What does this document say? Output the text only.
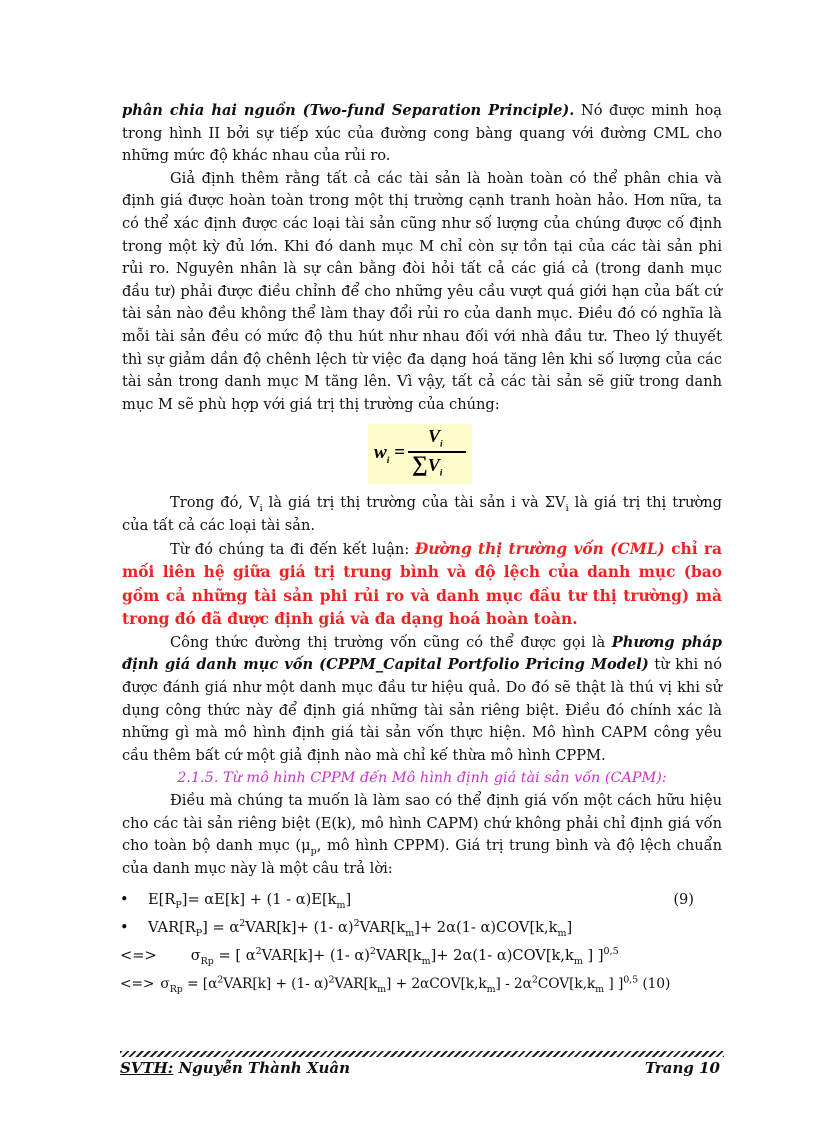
phân chia hai nguồn (Two-fund Separation Principle). Nó được minh hoạ trong hình II bởi sự tiếp xúc của đường cong bàng quang với đường CML cho những mức độ khác nhau của rủi ro.

Giả định thêm rằng tất cả các tài sản là hoàn toàn có thể phân chia và định giá được hoàn toàn trong một thị trường cạnh tranh hoàn hảo. Hơn nữa, ta có thể xác định được các loại tài sản cũng như số lượng của chúng được cố định trong một kỳ đủ lớn. Khi đó danh mục M chỉ còn sự tồn tại của các tài sản phi rủi ro. Nguyên nhân là sự cân bằng đòi hỏi tất cả các giá cả (trong danh mục đầu tư) phải được điều chỉnh để cho những yêu cầu vượt quá giới hạn của bất cứ tài sản nào đều không thể làm thay đổi rủi ro của danh mục. Điều đó có nghĩa là mỗi tài sản đều có mức độ thu hút như nhau đối với nhà đầu tư. Theo lý thuyết thì sự giảm dần độ chênh lệch từ việc đa dạng hoá tăng lên khi số lượng của các tài sản trong danh mục M tăng lên. Vì vậy, tất cả các tài sản sẽ giữ trong danh mục M sẽ phù hợp với giá trị thị trường của chúng:

$w_i$ =
$V_i$
$\sum V_i$

Trong đó, $V_i$ là giá trị thị trường của tài sản i và $\Sigma V_i$ là giá trị thị trường của tất cả các loại tài sản.

Từ đó chúng ta đi đến kết luận: Đường thị trường vốn (CML) chỉ ra mối liên hệ giữa giá trị trung bình và độ lệch của danh mục (bao gồm cả những tài sản phi rủi ro và danh mục đầu tư thị trường) mà trong đó đã được định giá và đa dạng hoá hoàn toàn.

Công thức đường thị trường vốn cũng có thể được gọi là Phương pháp định giá danh mục vốn (CPPM_Capital Portfolio Pricing Model) từ khi nó được đánh giá như một danh mục đầu tư hiệu quả. Do đó sẽ thật là thú vị khi sử dụng công thức này để định giá những tài sản riêng biệt. Điều đó chính xác là những gì mà mô hình định giá tài sản vốn thực hiện. Mô hình CAPM công yêu cầu thêm bất cứ một giả định nào mà chỉ kế thừa mô hình CPPM.

2.1.5. Từ mô hình CPPM đến Mô hình định giá tài sản vốn (CAPM):

Điều mà chúng ta muốn là làm sao có thể định giá vốn một cách hữu hiệu cho các tài sản riêng biệt (E(k), mô hình CAPM) chứ không phải chỉ định giá vốn cho toàn bộ danh mục ($\mu_p$, mô hình CPPM). Giá trị trung bình và độ lệch chuẩn của danh mục này là một câu trả lời:

• $E[R_P]= \alpha E[k] + (1 - \alpha)E[k_m]$	(9)
• $VAR[R_P] = \alpha^2VAR[k]+ (1-$ $\alpha)^2VAR[k_m]+ 2\alpha(1-$ $\alpha)COV[k,k_m]$
<=> $\sigma_{Rp}$ = [ $\alpha^2VAR[k]+ (1-$ $\alpha)^2VAR[k_m]+ 2\alpha(1-$ $\alpha)COV[k,k_m$ ] ]$^{0,5}$
<=> $\sigma_{Rp} = [\alpha^2VAR[k] + (1-$ $\alpha)^2VAR[k_m] + 2\alpha COV[k,k_m] - 2\alpha^2COV[k,k_m$ ] ]$^{0,5}$ (10)
SVTH: Nguyễn Thành Xuân	Trang 10
